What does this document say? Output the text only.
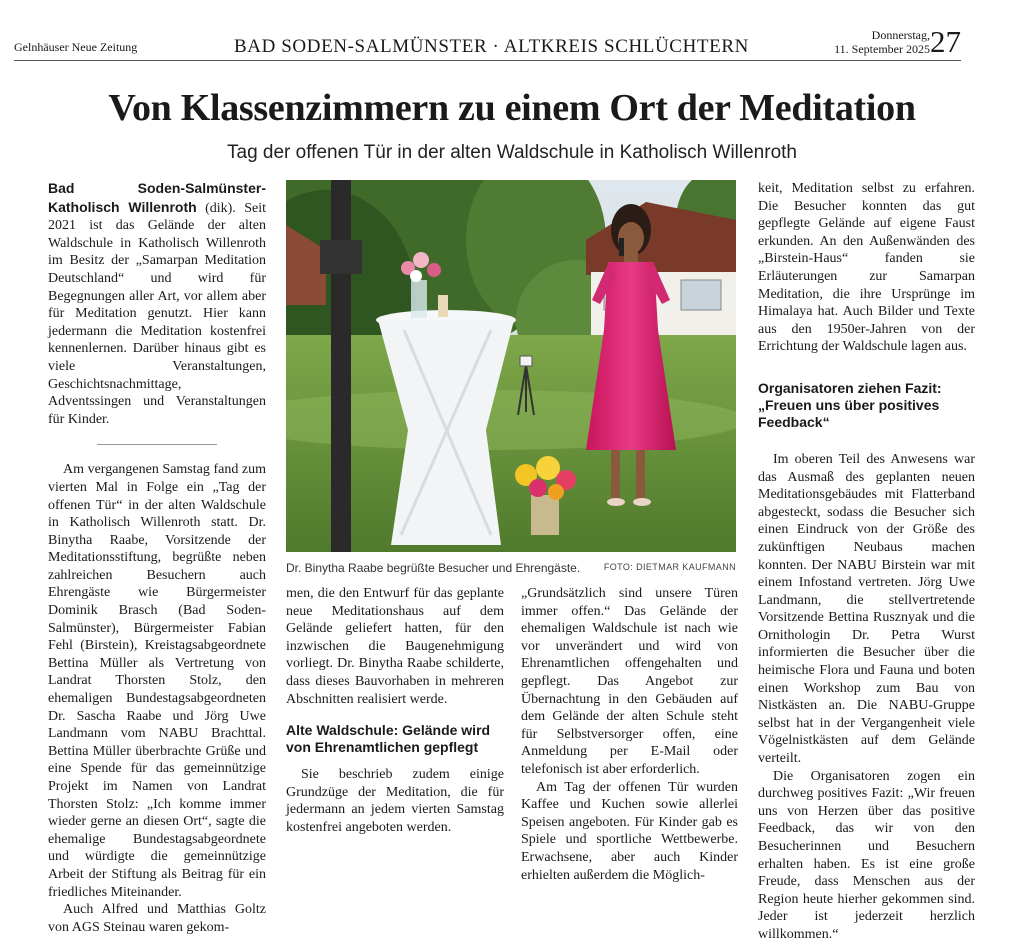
Gelnhäuser Neue Zeitung	BAD SODEN-SALMÜNSTER · ALTKREIS SCHLÜCHTERN
Donnerstag,
11. September 2025 27
Von Klassenzimmern zu einem Ort der Meditation
Tag der offenen Tür in der alten Waldschule in Katholisch Willenroth

Bad Soden-Salmünster-Katholisch Willenroth (dik). Seit 2021 ist das Gelände der alten Waldschule in Katholisch Willenroth im Besitz der „Samarpan Meditation Deutschland“ und wird für Begegnungen aller Art, vor allem aber für Meditation genutzt. Hier kann jedermann die Meditation kostenfrei kennenlernen. Darüber hinaus gibt es viele Veranstaltungen, Geschichtsnachmittage, Adventssingen und Veranstaltungen für Kinder.

Am vergangenen Samstag fand zum vierten Mal in Folge ein „Tag der offenen Tür“ in der alten Waldschule in Katholisch Willenroth statt. Dr. Binytha Raabe, Vorsitzende der Meditationsstiftung, begrüßte neben zahlreichen Besuchern auch Ehrengäste wie Bürgermeister Dominik Brasch (Bad Soden-Salmünster), Bürgermeister Fabian Fehl (Birstein), Kreistagsabgeordnete Bettina Müller als Vertretung von Landrat Thorsten Stolz, den ehemaligen Bundestagsabgeordneten Dr. Sascha Raabe und Jörg Uwe Landmann vom NABU Brachttal. Bettina Müller überbrachte Grüße und eine Spende für das gemeinnützige Projekt im Namen von Landrat Thorsten Stolz: „Ich komme immer wieder gerne an diesen Ort“, sagte die ehemalige Bundestagsabgeordnete und würdigte die gemeinnützige Arbeit der Stiftung als Beitrag für ein friedliches Miteinander.

Auch Alfred und Matthias Goltz von AGS Steinau waren gekom-

Dr. Binytha Raabe begrüßte Besucher und Ehrengäste.	FOTO: DIETMAR KAUFMANN

men, die den Entwurf für das geplante neue Meditationshaus auf dem Gelände geliefert hatten, für den inzwischen die Baugenehmigung vorliegt. Dr. Binytha Raabe schilderte, dass dieses Bauvorhaben in mehreren Abschnitten realisiert werde.

Alte Waldschule: Gelände wird von Ehrenamtlichen gepflegt

Sie beschrieb zudem einige Grundzüge der Meditation, die für jedermann an jedem vierten Samstag kostenfrei angeboten werden.

„Grundsätzlich sind unsere Türen immer offen.“ Das Gelände der ehemaligen Waldschule ist nach wie vor unverändert und wird von Ehrenamtlichen offengehalten und gepflegt. Das Angebot zur Übernachtung in den Gebäuden auf dem Gelände der alten Schule steht für Selbstversorger offen, eine Anmeldung per E-Mail oder telefonisch ist aber erforderlich.

Am Tag der offenen Tür wurden Kaffee und Kuchen sowie allerlei Speisen angeboten. Für Kinder gab es Spiele und sportliche Wettbewerbe. Erwachsene, aber auch Kinder erhielten außerdem die Möglich-

keit, Meditation selbst zu erfahren. Die Besucher konnten das gut gepflegte Gelände auf eigene Faust erkunden. An den Außenwänden des „Birstein-Haus“ fanden sie Erläuterungen zur Samarpan Meditation, die ihre Ursprünge im Himalaya hat. Auch Bilder und Texte aus den 1950er-Jahren von der Errichtung der Waldschule lagen aus.

Organisatoren ziehen Fazit: „Freuen uns über positives Feedback“

Im oberen Teil des Anwesens war das Ausmaß des geplanten neuen Meditationsgebäudes mit Flatterband abgesteckt, sodass die Besucher sich einen Eindruck von der Größe des zukünftigen Neubaus machen konnten. Der NABU Birstein war mit einem Infostand vertreten. Jörg Uwe Landmann, die stellvertretende Vorsitzende Bettina Rusznyak und die Ornithologin Dr. Petra Wurst informierten die Besucher über die heimische Flora und Fauna und boten einen Workshop zum Bau von Nistkästen an. Die NABU-Gruppe selbst hat in der Vergangenheit viele Vögelnistkästen auf dem Gelände verteilt.

Die Organisatoren zogen ein durchweg positives Fazit: „Wir freuen uns von Herzen über das positive Feedback, das wir von den Besucherinnen und Besuchern erhalten haben. Es ist eine große Freude, dass Menschen aus der Region heute hierher gekommen sind. Jeder ist jederzeit herzlich willkommen.“
